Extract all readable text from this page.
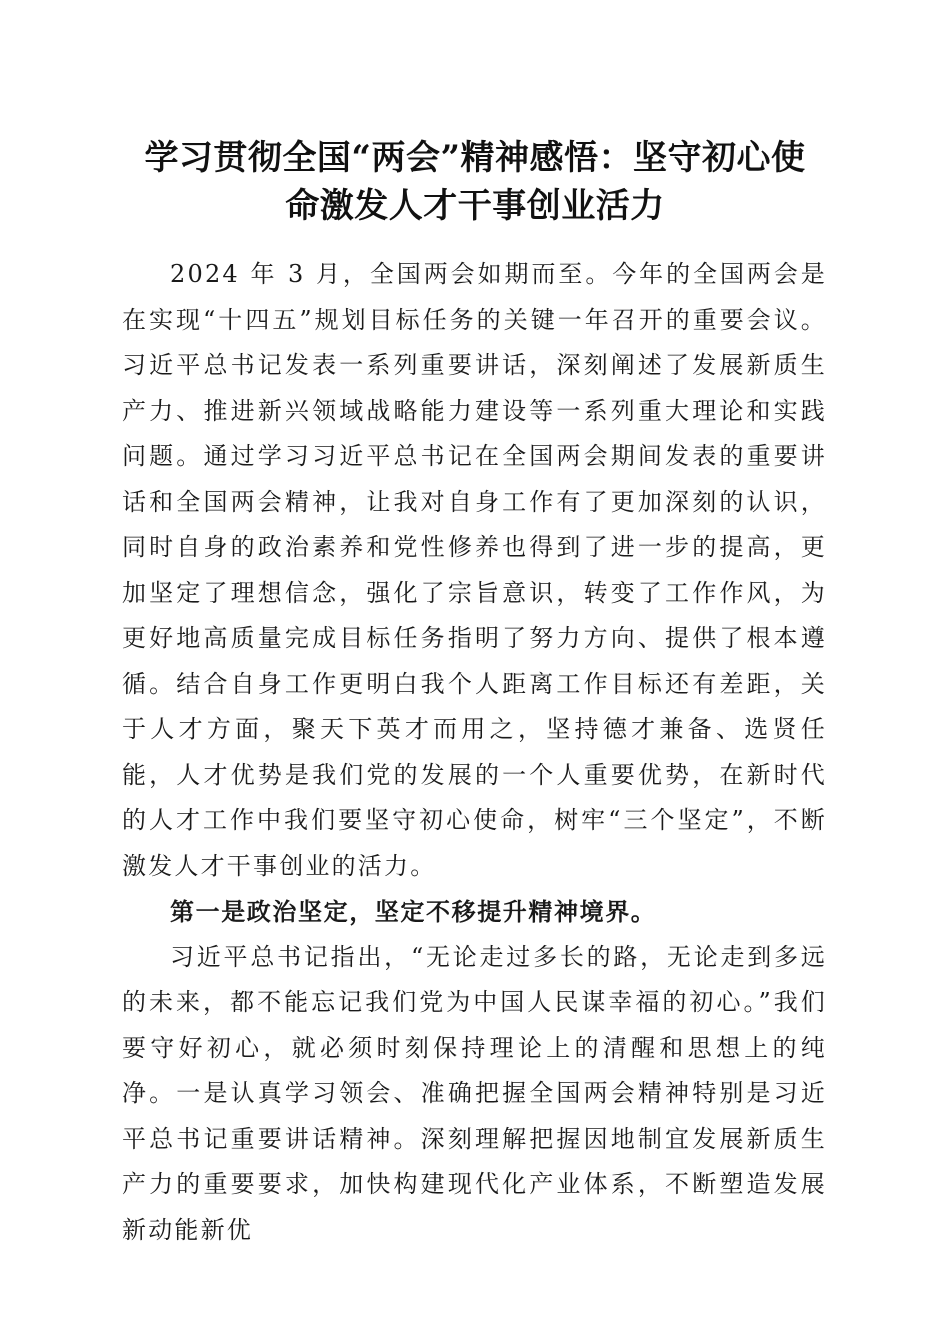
学习贯彻全国“两会”精神感悟：坚守初心使
命激发人才干事创业活力

2024 年 3 月，全国两会如期而至。今年的全国两会是在实现“十四五”规划目标任务的关键一年召开的重要会议。习近平总书记发表一系列重要讲话，深刻阐述了发展新质生产力、推进新兴领域战略能力建设等一系列重大理论和实践问题。通过学习习近平总书记在全国两会期间发表的重要讲话和全国两会精神，让我对自身工作有了更加深刻的认识，同时自身的政治素养和党性修养也得到了进一步的提高，更加坚定了理想信念，强化了宗旨意识，转变了工作作风，为更好地高质量完成目标任务指明了努力方向、提供了根本遵循。结合自身工作更明白我个人距离工作目标还有差距，关于人才方面，聚天下英才而用之，坚持德才兼备、选贤任能，人才优势是我们党的发展的一个人重要优势，在新时代的人才工作中我们要坚守初心使命，树牢“三个坚定”，不断激发人才干事创业的活力。

第一是政治坚定，坚定不移提升精神境界。

习近平总书记指出，“无论走过多长的路，无论走到多远的未来，都不能忘记我们党为中国人民谋幸福的初心。”我们要守好初心，就必须时刻保持理论上的清醒和思想上的纯净。一是认真学习领会、准确把握全国两会精神特别是习近平总书记重要讲话精神。深刻理解把握因地制宜发展新质生产力的重要要求，加快构建现代化产业体系，不断塑造发展新动能新优
